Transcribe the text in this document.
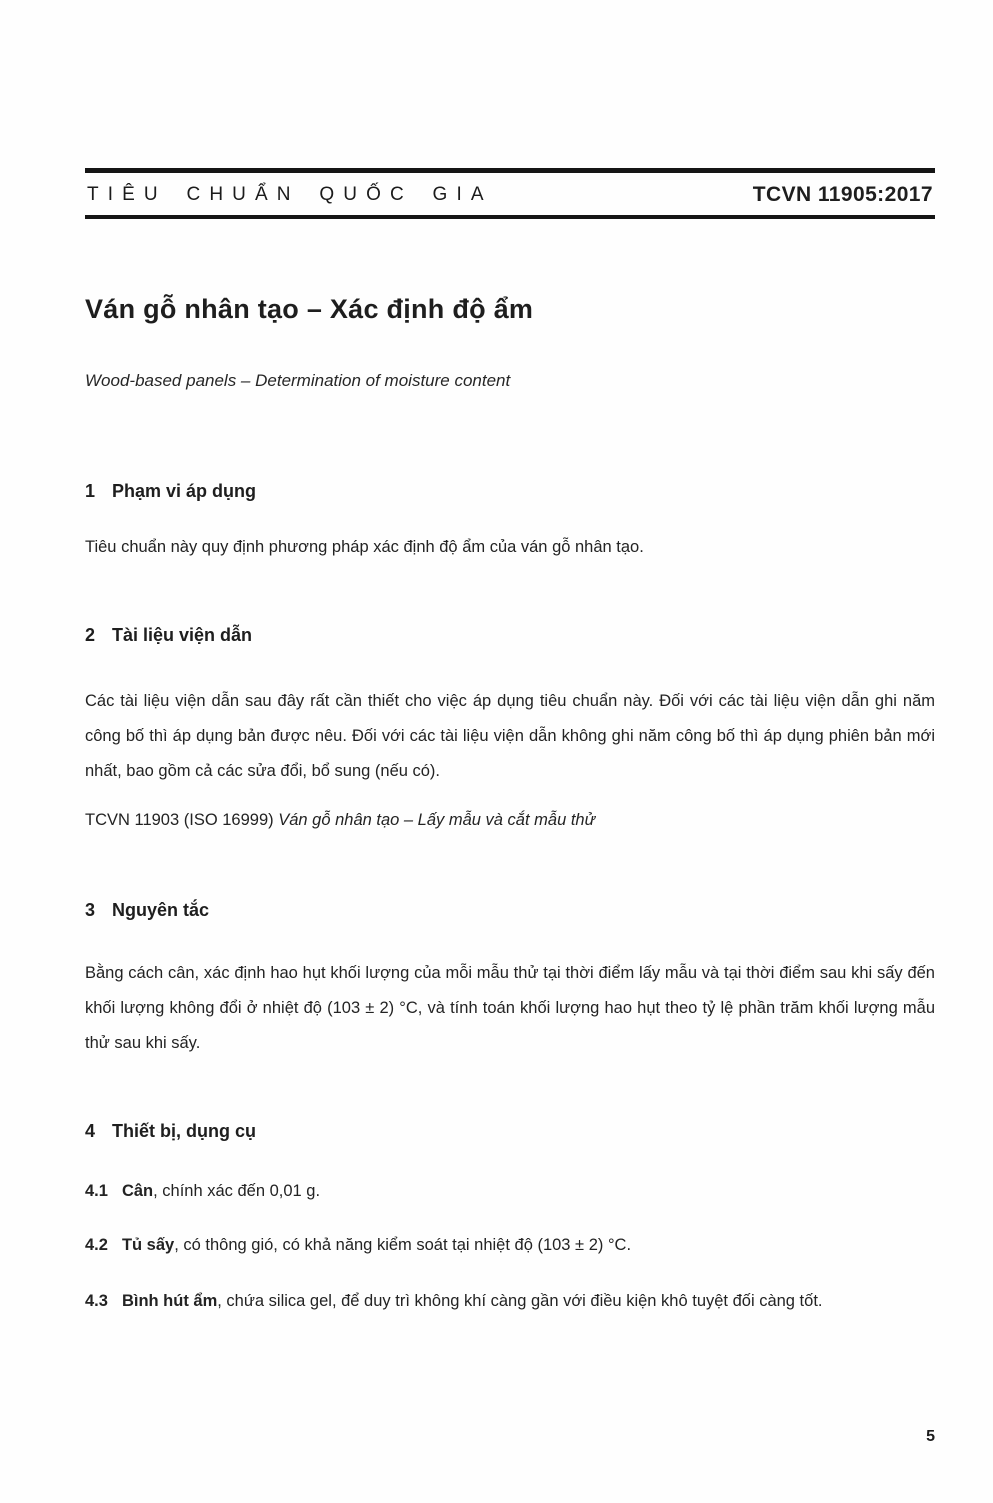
TIÊU CHUẨN QUỐC GIA	TCVN 11905:2017
Ván gỗ nhân tạo – Xác định độ ẩm

Wood-based panels – Determination of moisture content

1 Phạm vi áp dụng

Tiêu chuẩn này quy định phương pháp xác định độ ẩm của ván gỗ nhân tạo.

2 Tài liệu viện dẫn

Các tài liệu viện dẫn sau đây rất cần thiết cho việc áp dụng tiêu chuẩn này. Đối với các tài liệu viện dẫn ghi năm công bố thì áp dụng bản được nêu. Đối với các tài liệu viện dẫn không ghi năm công bố thì áp dụng phiên bản mới nhất, bao gồm cả các sửa đổi, bổ sung (nếu có).

TCVN 11903 (ISO 16999) Ván gỗ nhân tạo – Lấy mẫu và cắt mẫu thử

3 Nguyên tắc

Bằng cách cân, xác định hao hụt khối lượng của mỗi mẫu thử tại thời điểm lấy mẫu và tại thời điểm sau khi sấy đến khối lượng không đổi ở nhiệt độ (103 ± 2) °C, và tính toán khối lượng hao hụt theo tỷ lệ phần trăm khối lượng mẫu thử sau khi sấy.

4 Thiết bị, dụng cụ

4.1 Cân, chính xác đến 0,01 g.

4.2 Tủ sấy, có thông gió, có khả năng kiểm soát tại nhiệt độ (103 ± 2) °C.

4.3 Bình hút ẩm, chứa silica gel, để duy trì không khí càng gần với điều kiện khô tuyệt đối càng tốt.

5
